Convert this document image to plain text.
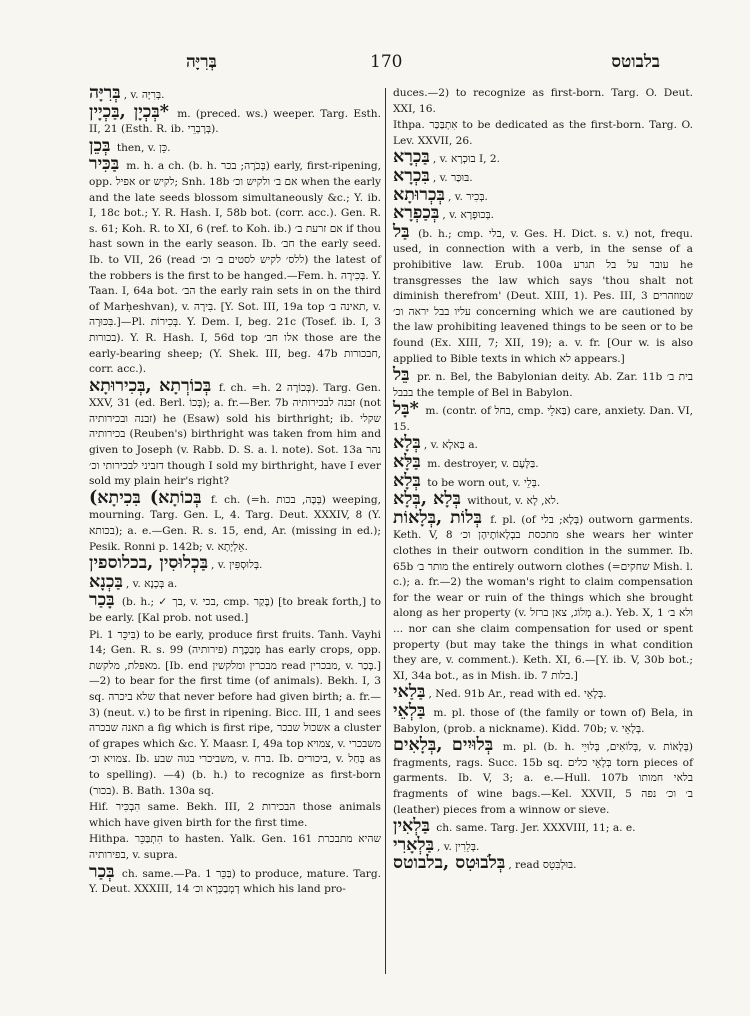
בְּרִיָּה	170	בלבוטס

בְּרִיָּה , v. בְּרִיָּה.

*בְּכְיָן ,בַּכְיָין m. (preced. ws.) weeper. Targ. Esth. II, 21 (Esth. R. ib. בְּרָבְרֵי).

בְּכֵן then, v. כֵּן.

בַּכִּיר m. h. a ch. (b. h. בְּכֹרָה; בכר) early, first-ripening, opp. אפיל or לקיש; Snh. 18b אם ב׳ ולקיש וכ׳ when the early and the late seeds blossom simultaneously &c.; Y. ib. I, 18c bot.; Y. R. Hash. I, 58b bot. (corr. acc.). Gen. R. s. 61; Koh. R. to XI, 6 (ref. to Koh. ib.) אם זרעת ב׳ if thou hast sown in the early season. Ib. חב׳ the early seed. Ib. to VII, 26 (read ללס׳ לקיש לסטים ב׳ וכ׳) the latest of the robbers is the first to be hanged.—Fem. h. בְּכִירָה. Y. Taan. I, 64a bot. הב׳ the early rain sets in on the third of Marḥeshvan), v. בִּירָה. [Y. Sot. III, 19a top תאינה ב׳, v. בִּכּוּרָה.]—Pl. בְּכִירוֹת. Y. Dem. I, beg. 21c (Tosef. ib. I, 3 בכורות). Y. R. Hash. I, 56d top אלו חב׳ those are the early-bearing sheep; (Y. Shek. III, beg. 47b חבכורות, corr. acc.).

בְּכוֹרְתָא ,בְּכִירוּתָא f. ch. =h. בְּכוֹרָה 2). Targ. Gen. XXV, 31 (ed. Berl. בְּכוֹ); a. fr.—Ber. 7b זבנה לבכירותיה (not זבנה ובכירותיה) he (Esaw) sold his birthright; ib. שקלי בכירותיה (Reuben's) birthright was taken from him and given to Joseph (v. Rabb. D. S. a. l. note). Sot. 13a נהר דזביני לבכירותי וכ׳ though I sold my birthright, have I ever sold my plain heir's right?

בְּכוֹתָא) בִּכִיתָא) f. ch. (=h. בְּכָּה, בכות) weeping, mourning. Targ. Gen. L, 4. Targ. Deut. XXXIV, 8 (Y. בכותא); a. e.—Gen. R. s. 15, end, Ar. (missing in ed.); Pesik. Ronni p. 142b; v. אֵלְיָתָא.

בַּכְלוּסִין ,בכלוספין , v. בְּלוּסְפִּין.

בַּכְנָא , v. בְּכְנָא a.

בָּכַר (b. h.; ✓ בך, v. בכי, cmp. בָּקַר) [to break forth,] to be early. [Kal prob. not used.]

Pi. בִּיכֵּר 1) to be early, produce first fruits. Tanh. Vayhi 14; Gen. R. s. 99 מְבַכֶּרֶת (פירותיה) has early crops, opp. מאפלת, מלקשת. [Ib. end מבכרין ומלקשין read מבכרין, v. בָּכַר.]—2) to bear for the first time (of animals). Bekh. I, 3 sq. שלא ביכרה that never before had given birth; a. fr.—3) (neut. v.) to be first in ripening. Bicc. III, 1 and sees תאנה שבכרה a fig which is first ripe, אשכול שבכר a cluster of grapes which &c. Y. Maasr. I, 49a top צמויא, v. משבכרי צמויא וכ׳. Ib. משביכרי בגוה שבע, v. ברח. Ib. ביכורים, v. בְּחַל as to spelling). —4) (b. h.) to recognize as first-born (בכור). B. Bath. 130a sq.

Hif. הִבְכִּיר same. Bekh. III, 2 הבכירות those animals which have given birth for the first time.

Hithpa. הִתְבַּכֵּר to hasten. Yalk. Gen. 161 שהיא מתבכרת בפירותיה, v. supra.

בְּכַר ch. same.—Pa. בַּכֵּר 1) to produce, mature. Targ. Y. Deut. XXXIII, 14 דְמְבַכְּרָא וכ׳ which his land pro-

duces.—2) to recognize as first-born. Targ. O. Deut. XXI, 16.

Ithpa. אִתְבַּכַּר to be dedicated as the first-born. Targ. O. Lev. XXVII, 26.

בַּכְרָא , v. בוּכְרָא I, 2.

בִּכְרָא , v. בּוּכַּר.

בְּכְרוּתָא , v. בְּכִיר.

בְּכַפְרָא , v. בְּכוּפְרָא.

בַּל (b. h.; cmp. בלי, v. Ges. H. Dict. s. v.) not, frequ. used, in connection with a verb, in the sense of a prohibitive law. Erub. 100a עובר על בל תגרע he transgresses the law which says 'thou shalt not diminish therefrom' (Deut. XIII, 1). Pes. III, 3 שמוזהרים עליו בבל יראה וכ׳ concerning which we are cautioned by the law prohibiting leavened things to be seen or to be found (Ex. XIII, 7; XII, 19); a. v. fr. [Our w. is also applied to Bible texts in which לא appears.]

בֵּל pr. n. Bel, the Babylonian deity. Ab. Zar. 11b בית ב׳ בבבל the temple of Bel in Babylon.

*בָּל m. (contr. of בחל, cmp. בַּאלֵי) care, anxiety. Dan. VI, 15.

בְּלָא , v. בַּאלָא a.

בַּלָּא m. destroyer, v. בַּלָּעָם.

בְּלָא to be worn out, v. בְּלֵי.

בְּלָא ,בְּלָא without, v. לא, לָא.

בְּלוֹת ,בְּלָאוֹת f. pl. (of בְּלָא; בלי) outworn garments. Keth. V, 8 מתכסת בבְלָאוֹתֶיהָן וכ׳ she wears her winter clothes in their outworn condition in the summer. Ib. 65b מותר ב׳ the entirely outworn clothes (=שחקים Mish. l. c.); a. fr.—2) the woman's right to claim compensation for the wear or ruin of the things which she brought along as her property (v. מְלוֹג, צאן ברזל a.). Yeb. X, 1 ולא ב׳ ... nor can she claim compensation for used or spent property (but may take the things in what condition they are, v. comment.). Keth. XI, 6.—[Y. ib. V, 30b bot.; XI, 34a bot., as in Mish. ib. 7 בלות.]

בַּלַאי , Ned. 91b Ar., read with ed. בְּלָאֵי.

בַּלְאֵי m. pl. those of (the family or town of) Bela, in Babylon, (prob. a nickname). Kidd. 70b; v. בְּלָאֵי.

בְּלוּיִים ,בְּלָאִים m. pl. (b. h. בְּלוֹאִים, בְּלוּיֵי, v. בְּלָאוֹת) fragments, rags. Succ. 15b sq. בְּלָאֵי כלים torn pieces of garments. Ib. V, 3; a. e.—Hull. 107b בלאי חמותו fragments of wine bags.—Kel. XXVII, 5 ב׳ וכ׳ נפה (leather) pieces from a winnow or sieve.

בַּלְאִין ch. same. Targ. Jer. XXXVIII, 11; a. e.

בַּלְאָרִי , v. בְּלֵרִין.

בְּלֹבוּטִס ,בלבוטס , read בּוּלְבִּטֵס.
